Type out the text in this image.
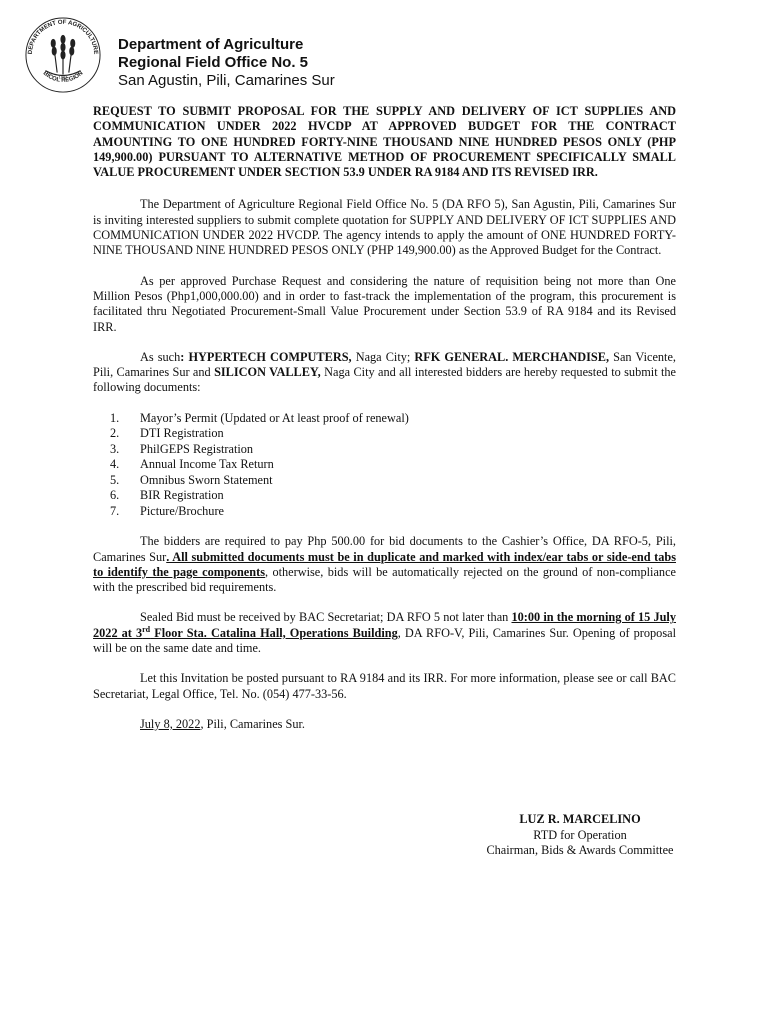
DEPARTMENT OF AGRICULTURE
BICOL REGION
1987
Department of Agriculture
Regional Field Office No. 5
San Agustin, Pili, Camarines Sur
REQUEST TO SUBMIT PROPOSAL FOR THE SUPPLY AND DELIVERY OF ICT SUPPLIES AND COMMUNICATION UNDER 2022 HVCDP AT APPROVED BUDGET FOR THE CONTRACT AMOUNTING TO ONE HUNDRED FORTY-NINE THOUSAND NINE HUNDRED PESOS ONLY (PHP 149,900.00) PURSUANT TO ALTERNATIVE METHOD OF PROCUREMENT SPECIFICALLY SMALL VALUE PROCUREMENT UNDER SECTION 53.9 UNDER RA 9184 AND ITS REVISED IRR.

The Department of Agriculture Regional Field Office No. 5 (DA RFO 5), San Agustin, Pili, Camarines Sur is inviting interested suppliers to submit complete quotation for SUPPLY AND DELIVERY OF ICT SUPPLIES AND COMMUNICATION UNDER 2022 HVCDP. The agency intends to apply the amount of ONE HUNDRED FORTY-NINE THOUSAND NINE HUNDRED PESOS ONLY (PHP 149,900.00) as the Approved Budget for the Contract.

As per approved Purchase Request and considering the nature of requisition being not more than One Million Pesos (Php1,000,000.00) and in order to fast-track the implementation of the program, this procurement is facilitated thru Negotiated Procurement-Small Value Procurement under Section 53.9 of RA 9184 and its Revised IRR.

As such: HYPERTECH COMPUTERS, Naga City; RFK GENERAL. MERCHANDISE, San Vicente, Pili, Camarines Sur and SILICON VALLEY, Naga City and all interested bidders are hereby requested to submit the following documents:

1.	Mayor’s Permit (Updated or At least proof of renewal)
2.	DTI Registration
3.	PhilGEPS Registration
4.	Annual Income Tax Return
5.	Omnibus Sworn Statement
6.	BIR Registration
7.	Picture/Brochure

The bidders are required to pay Php 500.00 for bid documents to the Cashier’s Office, DA RFO-5, Pili, Camarines Sur. All submitted documents must be in duplicate and marked with index/ear tabs or side-end tabs to identify the page components, otherwise, bids will be automatically rejected on the ground of non-compliance with the prescribed bid requirements.

Sealed Bid must be received by BAC Secretariat; DA RFO 5 not later than 10:00 in the morning of 15 July 2022 at 3rd Floor Sta. Catalina Hall, Operations Building, DA RFO-V, Pili, Camarines Sur. Opening of proposal will be on the same date and time.

Let this Invitation be posted pursuant to RA 9184 and its IRR. For more information, please see or call BAC Secretariat, Legal Office, Tel. No. (054) 477-33-56.

July 8, 2022, Pili, Camarines Sur.

LUZ R. MARCELINO
RTD for Operation
Chairman, Bids & Awards Committee
